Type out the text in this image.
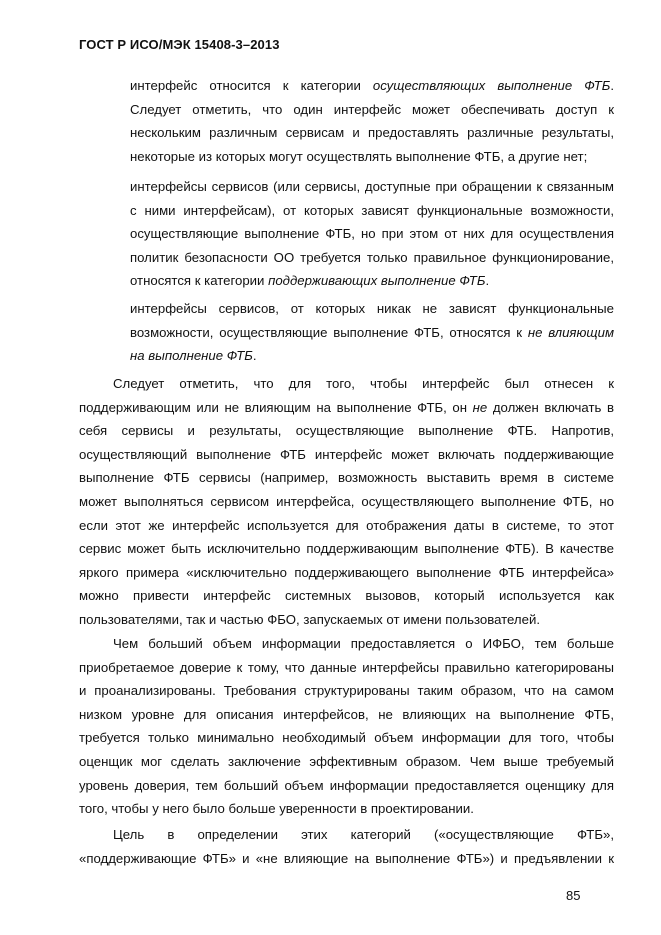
ГОСТ Р ИСО/МЭК 15408-3–2013
интерфейс относится к категории осуществляющих выполнение ФТБ.
Следует отметить, что один интерфейс может обеспечивать доступ к
нескольким различным сервисам и предоставлять различные результаты,
некоторые из которых могут осуществлять выполнение ФТБ, а другие нет;
интерфейсы сервисов (или сервисы, доступные при обращении к связанным
с ними интерфейсам), от которых зависят функциональные возможности,
осуществляющие выполнение ФТБ, но при этом от них для осуществления
политик безопасности ОО требуется только правильное функционирование,
относятся к категории поддерживающих выполнение ФТБ.
интерфейсы сервисов, от которых никак не зависят функциональные
возможности, осуществляющие выполнение ФТБ, относятся к не влияющим
на выполнение ФТБ.
Следует отметить, что для того, чтобы интерфейс был отнесен к
поддерживающим или не влияющим на выполнение ФТБ, он не должен включать в
себя сервисы и результаты, осуществляющие выполнение ФТБ. Напротив,
осуществляющий выполнение ФТБ интерфейс может включать поддерживающие
выполнение ФТБ сервисы (например, возможность выставить время в системе
может выполняться сервисом интерфейса, осуществляющего выполнение ФТБ, но
если этот же интерфейс используется для отображения даты в системе, то этот
сервис может быть исключительно поддерживающим выполнение ФТБ). В качестве
яркого примера «исключительно поддерживающего выполнение ФТБ интерфейса»
можно привести интерфейс системных вызовов, который используется как
пользователями, так и частью ФБО, запускаемых от имени пользователей.
Чем больший объем информации предоставляется о ИФБО, тем больше
приобретаемое доверие к тому, что данные интерфейсы правильно категорированы
и проанализированы. Требования структурированы таким образом, что на самом
низком уровне для описания интерфейсов, не влияющих на выполнение ФТБ,
требуется только минимально необходимый объем информации для того, чтобы
оценщик мог сделать заключение эффективным образом. Чем выше требуемый
уровень доверия, тем больший объем информации предоставляется оценщику для
того, чтобы у него было больше уверенности в проектировании.
Цель в определении этих категорий («осуществляющие ФТБ»,
«поддерживающие ФТБ» и «не влияющие на выполнение ФТБ») и предъявлении к
85
